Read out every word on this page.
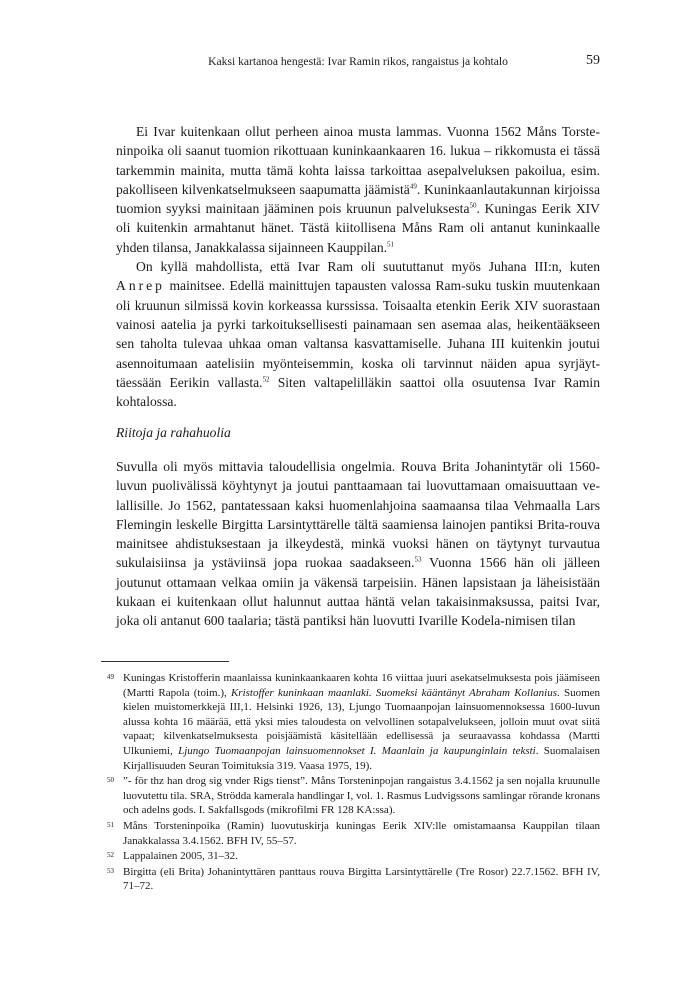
Kaksi kartanoa hengestä: Ivar Ramin rikos, rangaistus ja kohtalo	59

Ei Ivar kuitenkaan ollut perheen ainoa musta lammas. Vuonna 1562 Måns Torsteninpoika oli saanut tuomion rikottuaan kuninkaankaaren 16. lukua – rikkomusta ei tässä tarkemmin mainita, mutta tämä kohta laissa tarkoittaa asepalveluksen pakoilua, esim. pakolliseen kilvenkatselmukseen saapumatta jäämistä$^{49}$. Kuninkaanlautakunnan kirjoissa tuomion syyksi mainitaan jääminen pois kruunun palveluksesta$^{50}$. Kuningas Eerik XIV oli kuitenkin armahtanut hänet. Tästä kiitollisena Måns Ram oli antanut kuninkaalle yhden tilansa, Janakkalassa sijainneen Kauppilan.$^{51}$

On kyllä mahdollista, että Ivar Ram oli suututtanut myös Juhana III:n, kuten Anrep mainitsee. Edellä mainittujen tapausten valossa Ram-suku tuskin muutenkaan oli kruunun silmissä kovin korkeassa kurssissa. Toisaalta etenkin Eerik XIV suorastaan vainosi aatelia ja pyrki tarkoituksellisesti painamaan sen asemaa alas, heikentääkseen sen taholta tulevaa uhkaa oman valtansa kasvattamiselle. Juhana III kuitenkin joutui asennoitumaan aatelisiin myönteisemmin, koska oli tarvinnut näiden apua syrjäyttäessään Eerikin vallasta.$^{52}$ Siten valtapelilläkin saattoi olla osuutensa Ivar Ramin kohtalossa.

Riitoja ja rahahuolia

Suvulla oli myös mittavia taloudellisia ongelmia. Rouva Brita Johanintytär oli 1560-luvun puolivälissä köyhtynyt ja joutui panttaamaan tai luovuttamaan omaisuuttaan velallisille. Jo 1562, pantatessaan kaksi huomenlahjoina saamaansa tilaa Vehmaalla Lars Flemingin leskelle Birgitta Larsintyttärelle tältä saamiensa lainojen pantiksi Brita-rouva mainitsee ahdistuksestaan ja ilkeydestä, minkä vuoksi hänen on täytynyt turvautua sukulaisiinsa ja ystäviinsä jopa ruokaa saadakseen.$^{53}$ Vuonna 1566 hän oli jälleen joutunut ottamaan velkaa omiin ja väkensä tarpeisiin. Hänen lapsistaan ja läheisistään kukaan ei kuitenkaan ollut halunnut auttaa häntä velan takaisinmaksussa, paitsi Ivar, joka oli antanut 600 taalaria; tästä pantiksi hän luovutti Ivarille Kodela-nimisen tilan

49 Kuningas Kristofferin maanlaissa kuninkaankaaren kohta 16 viittaa juuri asekatselmuksesta pois jäämiseen (Martti Rapola (toim.), Kristoffer kuninkaan maanlaki. Suomeksi kääntänyt Abraham Kollanius. Suomen kielen muistomerkkejä III,1. Helsinki 1926, 13), Ljungo Tuomaanpojan lainsuomennoksessa 1600-luvun alussa kohta 16 määrää, että yksi mies taloudesta on velvollinen sotapalvelukseen, jolloin muut ovat siitä vapaat; kilvenkatselmuksesta poisjäämistä käsitellään edellisessä ja seuraavassa kohdassa (Martti Ulkuniemi, Ljungo Tuomaanpojan lainsuomennokset I. Maanlain ja kaupunginlain teksti. Suomalaisen Kirjallisuuden Seuran Toimituksia 319. Vaasa 1975, 19).
50 ”- för thz han drog sig vnder Rigs tienst”. Måns Torsteninpojan rangaistus 3.4.1562 ja sen nojalla kruunulle luovutettu tila. SRA, Strödda kamerala handlingar I, vol. 1. Rasmus Ludvigssons samlingar rörande kronans och adelns gods. I. Sakfallsgods (mikrofilmi FR 128 KA:ssa).
51 Måns Torsteninpoika (Ramin) luovutuskirja kuningas Eerik XIV:lle omistamaansa Kauppilan tilaan Janakkalassa 3.4.1562. BFH IV, 55–57.
52 Lappalainen 2005, 31–32.
53 Birgitta (eli Brita) Johanintyttären panttaus rouva Birgitta Larsintyttärelle (Tre Rosor) 22.7.1562. BFH IV, 71–72.
